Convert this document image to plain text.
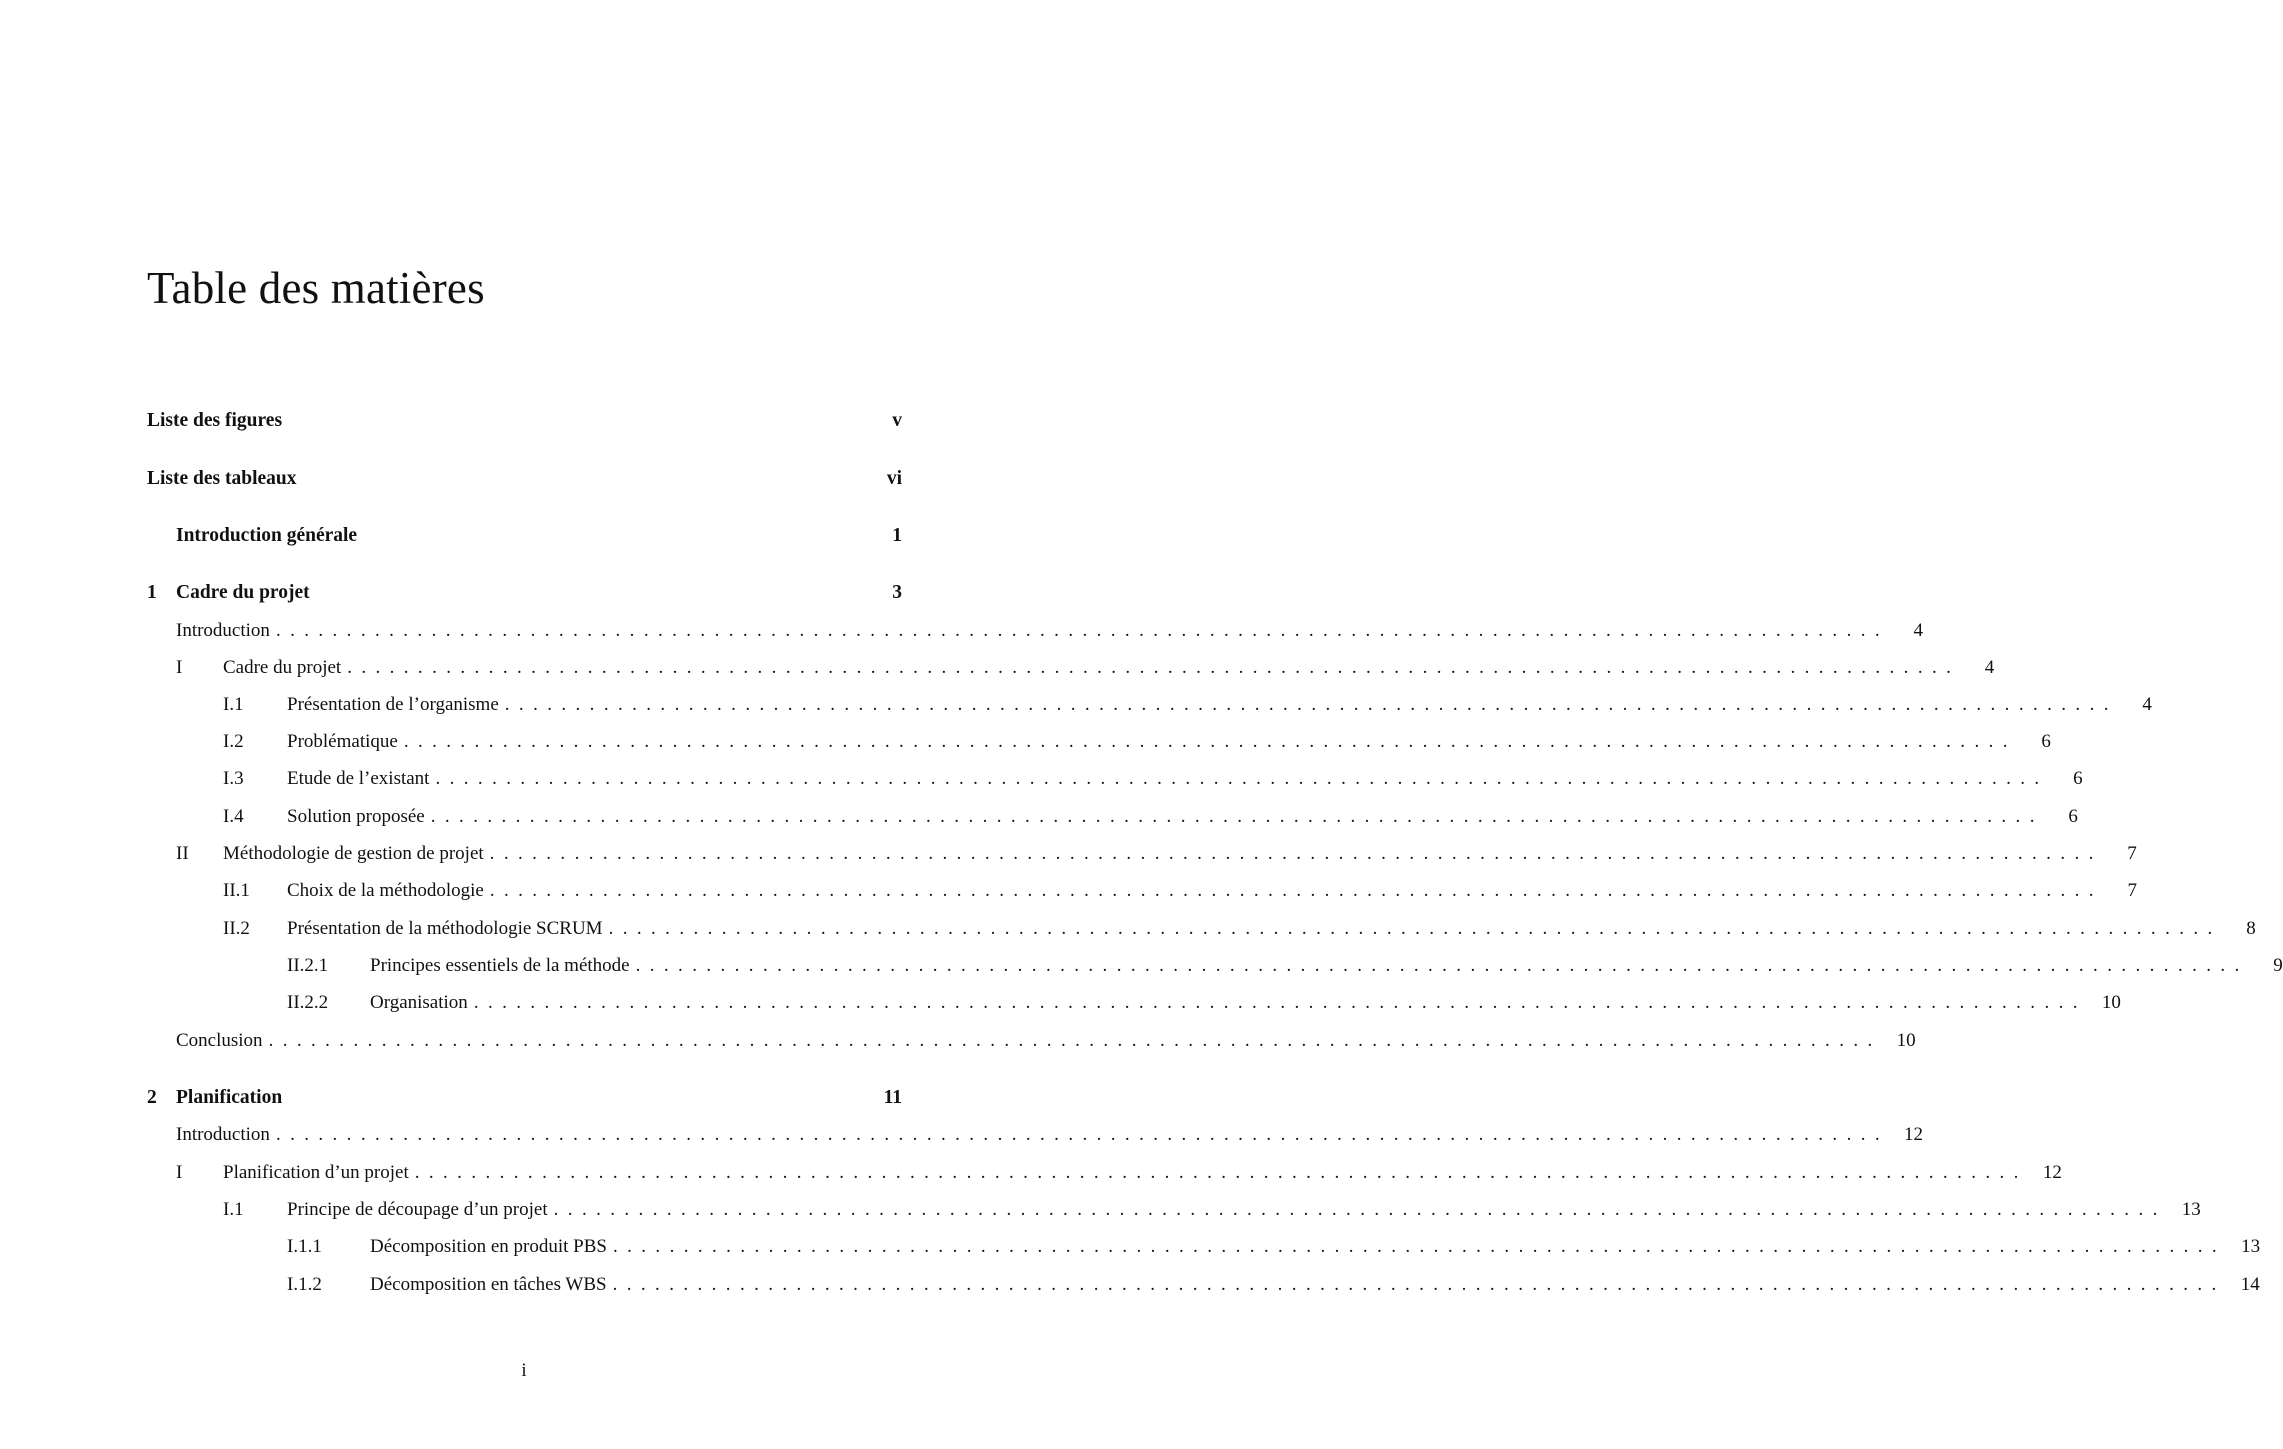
Table des matières
Liste des figures	v
Liste des tableaux	vi
Introduction générale	1
1 Cadre du projet	3
Introduction ..................................................................................................................	4
I	Cadre du projet ..................................................................................................................	4
I.1	Présentation de l’organisme ..................................................................................................................	4
I.2	Problématique ..................................................................................................................	6
I.3	Etude de l’existant ..................................................................................................................	6
I.4	Solution proposée ..................................................................................................................	6
II	Méthodologie de gestion de projet ..................................................................................................................	7
II.1	Choix de la méthodologie ..................................................................................................................	7
II.2	Présentation de la méthodologie SCRUM ..................................................................................................................	8
II.2.1	Principes essentiels de la méthode ..................................................................................................................	9
II.2.2	Organisation .................................................................................................................. 10
Conclusion .................................................................................................................. 10
2 Planification	11
Introduction .................................................................................................................. 12
I	Planification d’un projet .................................................................................................................. 12
I.1	Principe de découpage d’un projet .................................................................................................................. 13
I.1.1	Décomposition en produit PBS .................................................................................................................. 13
I.1.2	Décomposition en tâches WBS .................................................................................................................. 14
i
